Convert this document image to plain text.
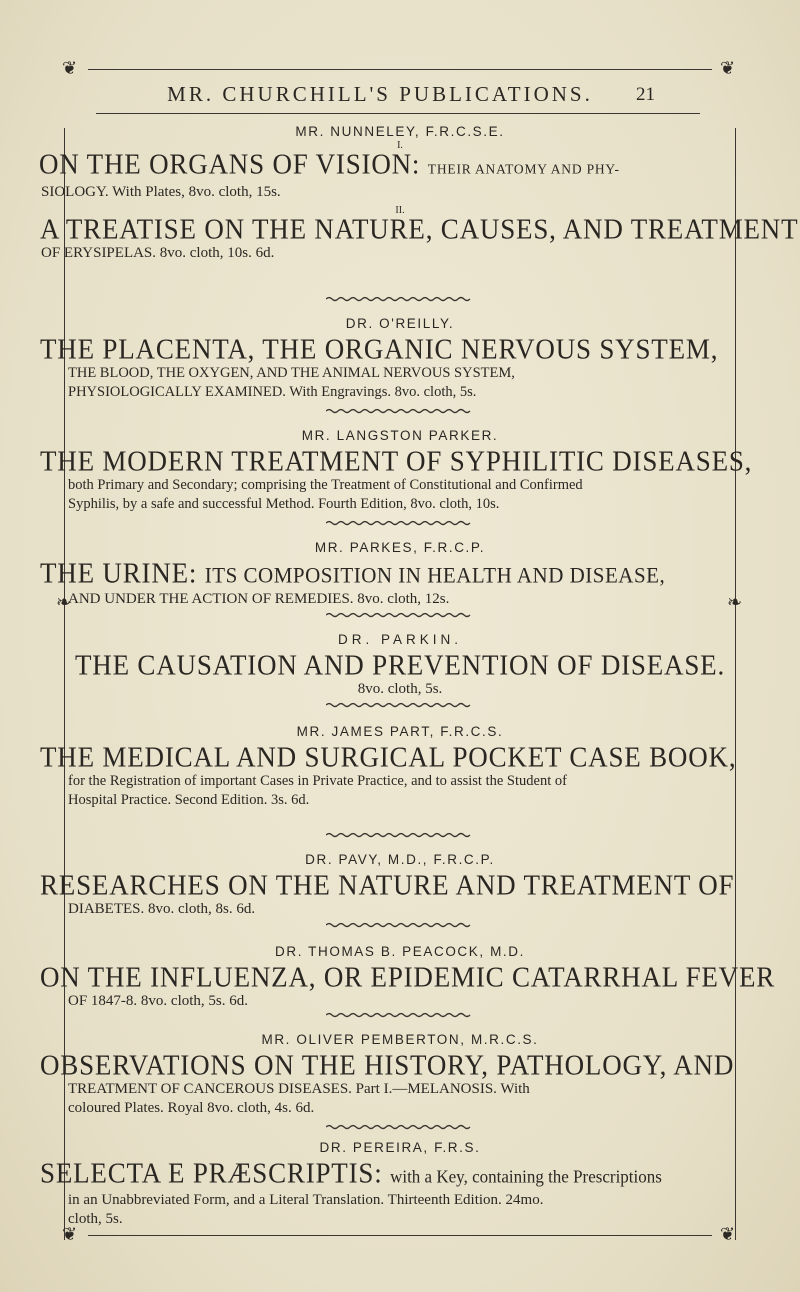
❦	❦
MR. CHURCHILL'S PUBLICATIONS.	21
❧	❧
❦	❦
MR. NUNNELEY, F.R.C.S.E.
I.
ON THE ORGANS OF VISION: THEIR ANATOMY AND PHY-
SIOLOGY. With Plates, 8vo. cloth, 15s.
II.
A TREATISE ON THE NATURE, CAUSES, AND TREATMENT
OF ERYSIPELAS. 8vo. cloth, 10s. 6d.
DR. O'REILLY.
THE PLACENTA, THE ORGANIC NERVOUS SYSTEM,
THE BLOOD, THE OXYGEN, AND THE ANIMAL NERVOUS SYSTEM,
PHYSIOLOGICALLY EXAMINED. With Engravings. 8vo. cloth, 5s.
MR. LANGSTON PARKER.
THE MODERN TREATMENT OF SYPHILITIC DISEASES,
both Primary and Secondary; comprising the Treatment of Constitutional and Confirmed
Syphilis, by a safe and successful Method. Fourth Edition, 8vo. cloth, 10s.
MR. PARKES, F.R.C.P.
THE URINE: ITS COMPOSITION IN HEALTH AND DISEASE,
AND UNDER THE ACTION OF REMEDIES. 8vo. cloth, 12s.
DR. PARKIN.
THE CAUSATION AND PREVENTION OF DISEASE.
8vo. cloth, 5s.
MR. JAMES PART, F.R.C.S.
THE MEDICAL AND SURGICAL POCKET CASE BOOK,
for the Registration of important Cases in Private Practice, and to assist the Student of
Hospital Practice. Second Edition. 3s. 6d.
DR. PAVY, M.D., F.R.C.P.
RESEARCHES ON THE NATURE AND TREATMENT OF
DIABETES. 8vo. cloth, 8s. 6d.
DR. THOMAS B. PEACOCK, M.D.
ON THE INFLUENZA, OR EPIDEMIC CATARRHAL FEVER
OF 1847-8. 8vo. cloth, 5s. 6d.
MR. OLIVER PEMBERTON, M.R.C.S.
OBSERVATIONS ON THE HISTORY, PATHOLOGY, AND
TREATMENT OF CANCEROUS DISEASES. Part I.—MELANOSIS. With
coloured Plates. Royal 8vo. cloth, 4s. 6d.
DR. PEREIRA, F.R.S.
SELECTA E PRÆSCRIPTIS: with a Key, containing the Prescriptions
in an Unabbreviated Form, and a Literal Translation. Thirteenth Edition. 24mo.
cloth, 5s.
